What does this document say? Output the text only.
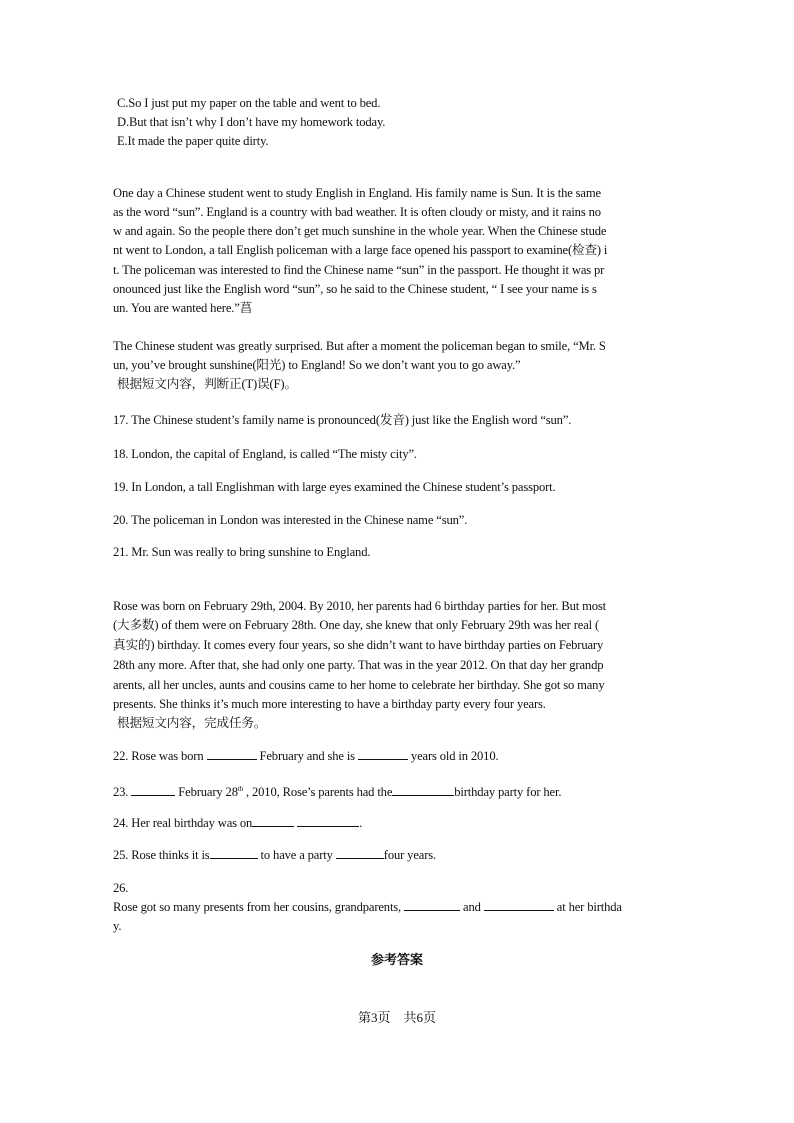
C.So I just put my paper on the table and went to bed.
D.But that isn’t why I don’t have my homework today.
E.It made the paper quite dirty.
One day a Chinese student went to study English in England. His family name is Sun. It is the same
as the word “sun”. England is a country with bad weather. It is often cloudy or misty, and it rains no
w and again. So the people there don’t get much sunshine in the whole year. When the Chinese stude
nt went to London, a tall English policeman with a large face opened his passport to examine(检查) i
t. The policeman was interested to find the Chinese name “sun” in the passport. He thought it was pr
onounced just like the English word “sun”, so he said to the Chinese student, “ I see your name is s
un. You are wanted here.”菖
The Chinese student was greatly surprised. But after a moment the policeman began to smile, “Mr. S
un, you’ve brought sunshine(阳光) to England! So we don’t want you to go away.”
根据短文内容，判断正(T)误(F)。
17. The Chinese student’s family name is pronounced(发音) just like the English word “sun”.
18. London, the capital of England, is called “The misty city”.
19. In London, a tall Englishman with large eyes examined the Chinese student’s passport.
20. The policeman in London was interested in the Chinese name “sun”.
21. Mr. Sun was really to bring sunshine to England.
Rose was born on February 29th, 2004. By 2010, her parents had 6 birthday parties for her. But most
(大多数) of them were on February 28th. One day, she knew that only February 29th was her real (
真实的) birthday. It comes every four years, so she didn’t want to have birthday parties on February
28th any more. After that, she had only one party. That was in the year 2012. On that day her grandp
arents, all her uncles, aunts and cousins came to her home to celebrate her birthday. She got so many
presents. She thinks it’s much more interesting to have a birthday party every four years.
根据短文内容，完成任务。
22. Rose was born	February and she is	years old in 2010.
23.	February 28th , 2010, Rose’s parents had the	birthday party for her.
24. Her real birthday was on	.
25. Rose thinks it is	to have a party	four years.
26.
Rose got so many presents from her cousins, grandparents,	and	at her birthda
y.
参考答案
第3页    共6页
